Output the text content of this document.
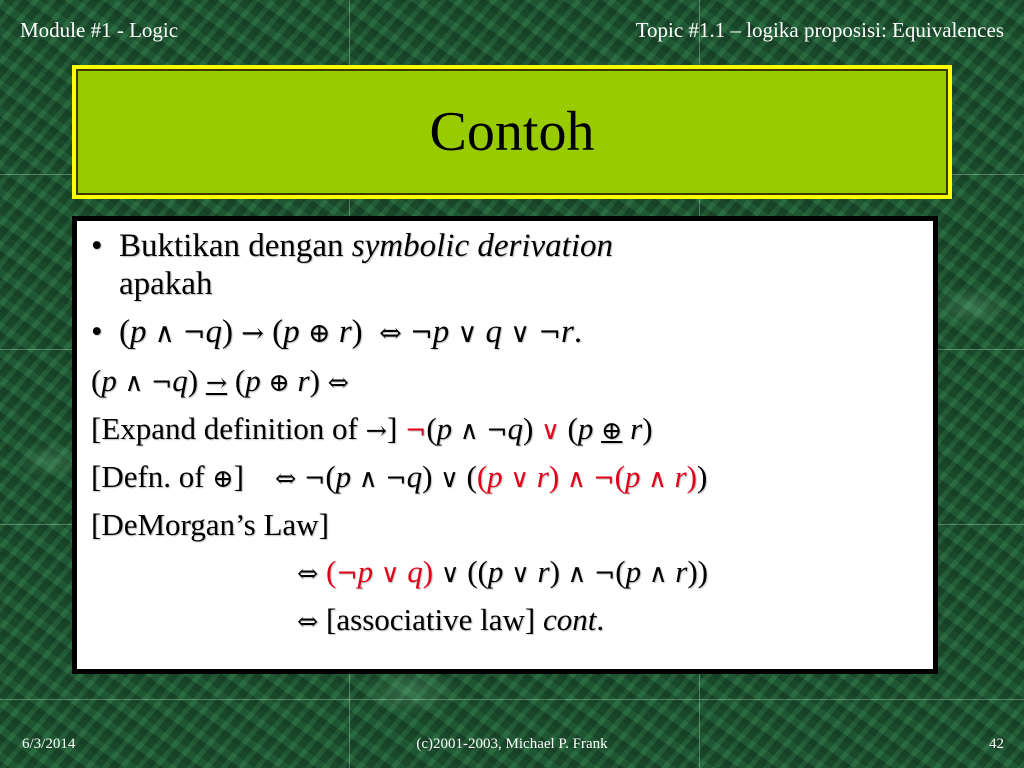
Module #1 - Logic	Topic #1.1 – logika proposisi: Equivalences
Contoh
• Buktikan dengan symbolic derivation
apakah
• (p ∧ ¬q) → (p ⊕ r)  ⇔ ¬p ∨ q ∨ ¬r.
(p ∧ ¬q) → (p ⊕ r) ⇔
[Expand definition of →] ¬(p ∧ ¬q) ∨ (p ⊕ r)
[Defn. of ⊕]    ⇔ ¬(p ∧ ¬q) ∨ ((p ∨ r) ∧ ¬(p ∧ r))
[DeMorgan’s Law]
⇔ (¬p ∨ q) ∨ ((p ∨ r) ∧ ¬(p ∧ r))
⇔ [associative law] cont.
6/3/2014	(c)2001-2003, Michael P. Frank	42
